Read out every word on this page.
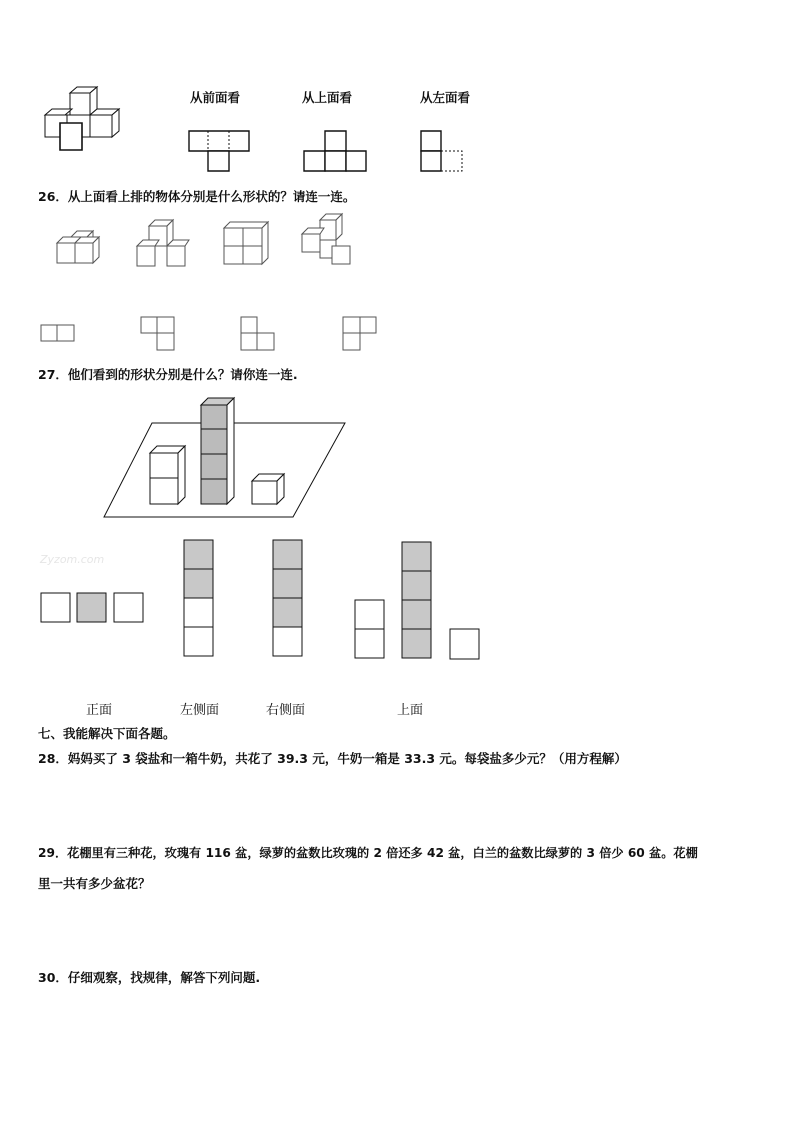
从前面看	从上面看	从左面看
26．从上面看上排的物体分别是什么形状的？请连一连。
27．他们看到的形状分别是什么？请你连一连.
Zyzom.com
正面	左侧面	右侧面	上面
七、我能解决下面各题。
28．妈妈买了 3 袋盐和一箱牛奶，共花了 39.3 元，牛奶一箱是 33.3 元。每袋盐多少元？（用方程解）
29．花棚里有三种花，玫瑰有 116 盆，绿萝的盆数比玫瑰的 2 倍还多 42 盆，白兰的盆数比绿萝的 3 倍少 60 盆。花棚
里一共有多少盆花？
30．仔细观察，找规律，解答下列问题.
